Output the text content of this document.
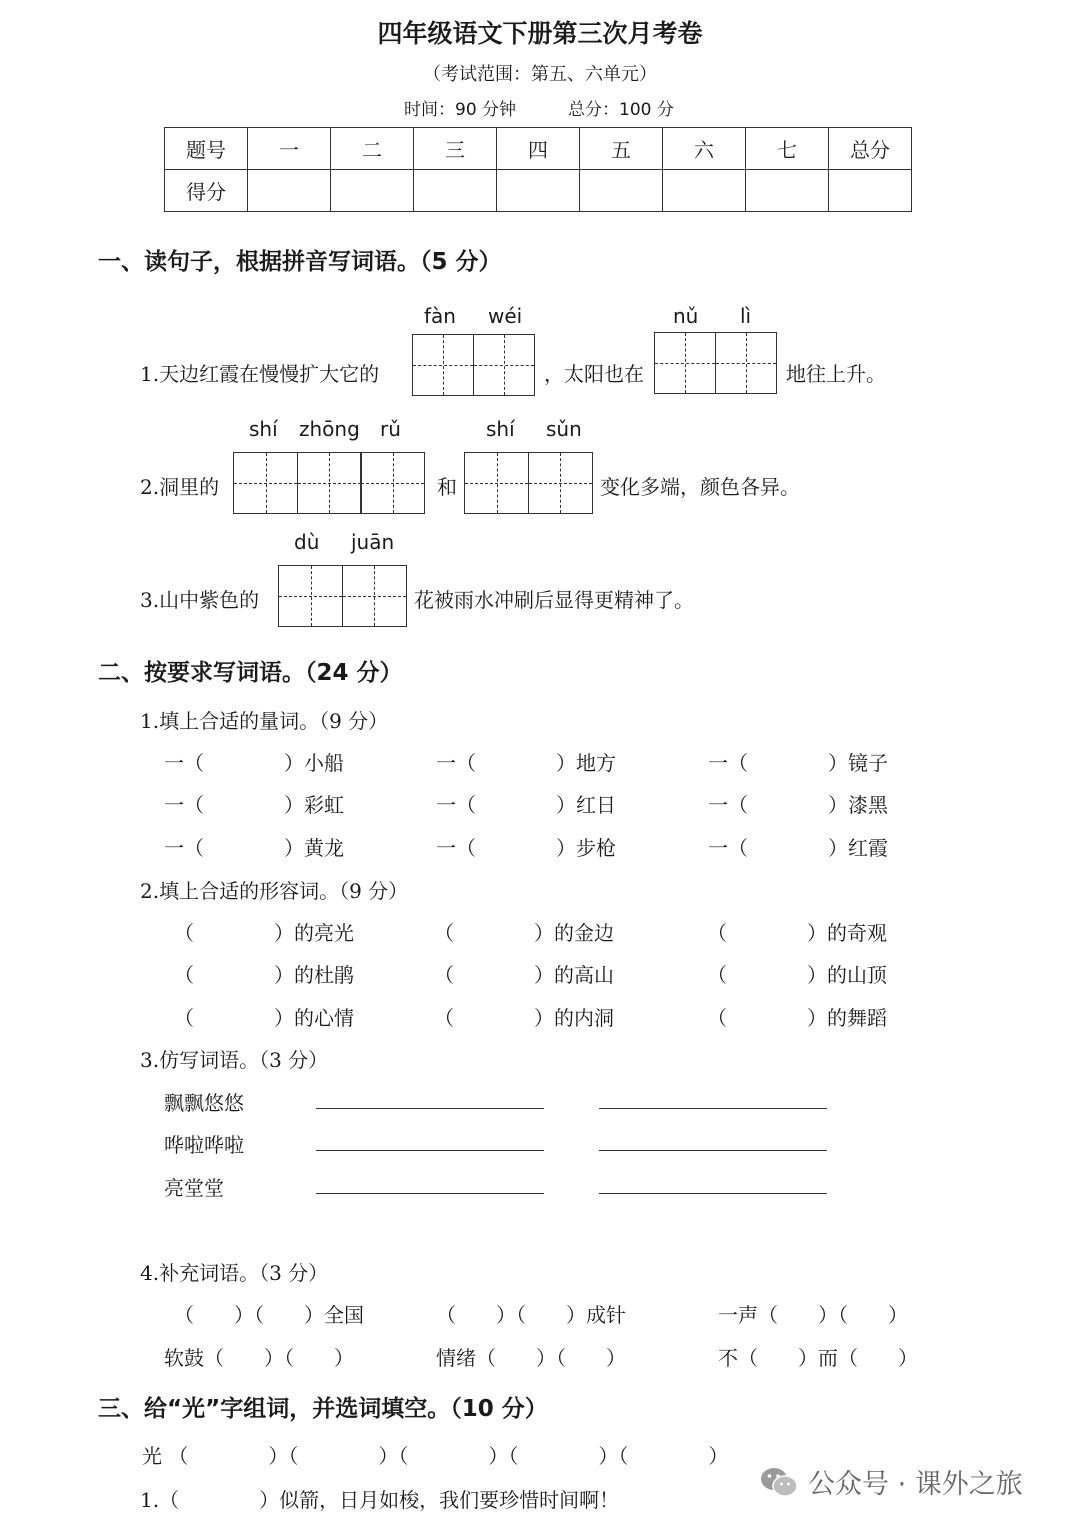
四年级语文下册第三次月考卷
（考试范围：第五、六单元）
时间：90 分钟	总分：100 分
题号	一	二	三	四	五	六	七	总分
得分								
一、读句子，根据拼音写词语。（5 分）
fàn wéi	nǔ lì
1.天边红霞在慢慢扩大它的	，太阳也在	地往上升。
shí zhōng rǔ	shí sǔn
2.洞里的	和	变化多端，颜色各异。
dù juān
3.山中紫色的	花被雨水冲刷后显得更精神了。
二、按要求写词语。（24 分）
1.填上合适的量词。（9 分）
一（　　　　）小船	一（　　　　）地方	一（　　　　）镜子
一（　　　　）彩虹	一（　　　　）红日	一（　　　　）漆黑
一（　　　　）黄龙	一（　　　　）步枪	一（　　　　）红霞
2.填上合适的形容词。（9 分）
（　　　　）的亮光	（　　　　）的金边	（　　　　）的奇观
（　　　　）的杜鹃	（　　　　）的高山	（　　　　）的山顶
（　　　　）的心情	（　　　　）的内洞	（　　　　）的舞蹈
3.仿写词语。（3 分）
飘飘悠悠
哗啦哗啦
亮堂堂
4.补充词语。（3 分）
（　　）（　　）全国	（　　）（　　）成针	一声（　　）（　　）
软鼓（　　）（　　）	情绪（　　）（　　）	不（　　）而（　　）
三、给“光”字组词，并选词填空。（10 分）
光 （　　　　）（　　　　）（　　　　）（　　　　）（　　　　）
1.（　　　　）似箭，日月如梭，我们要珍惜时间啊！	公众号 · 课外之旅
